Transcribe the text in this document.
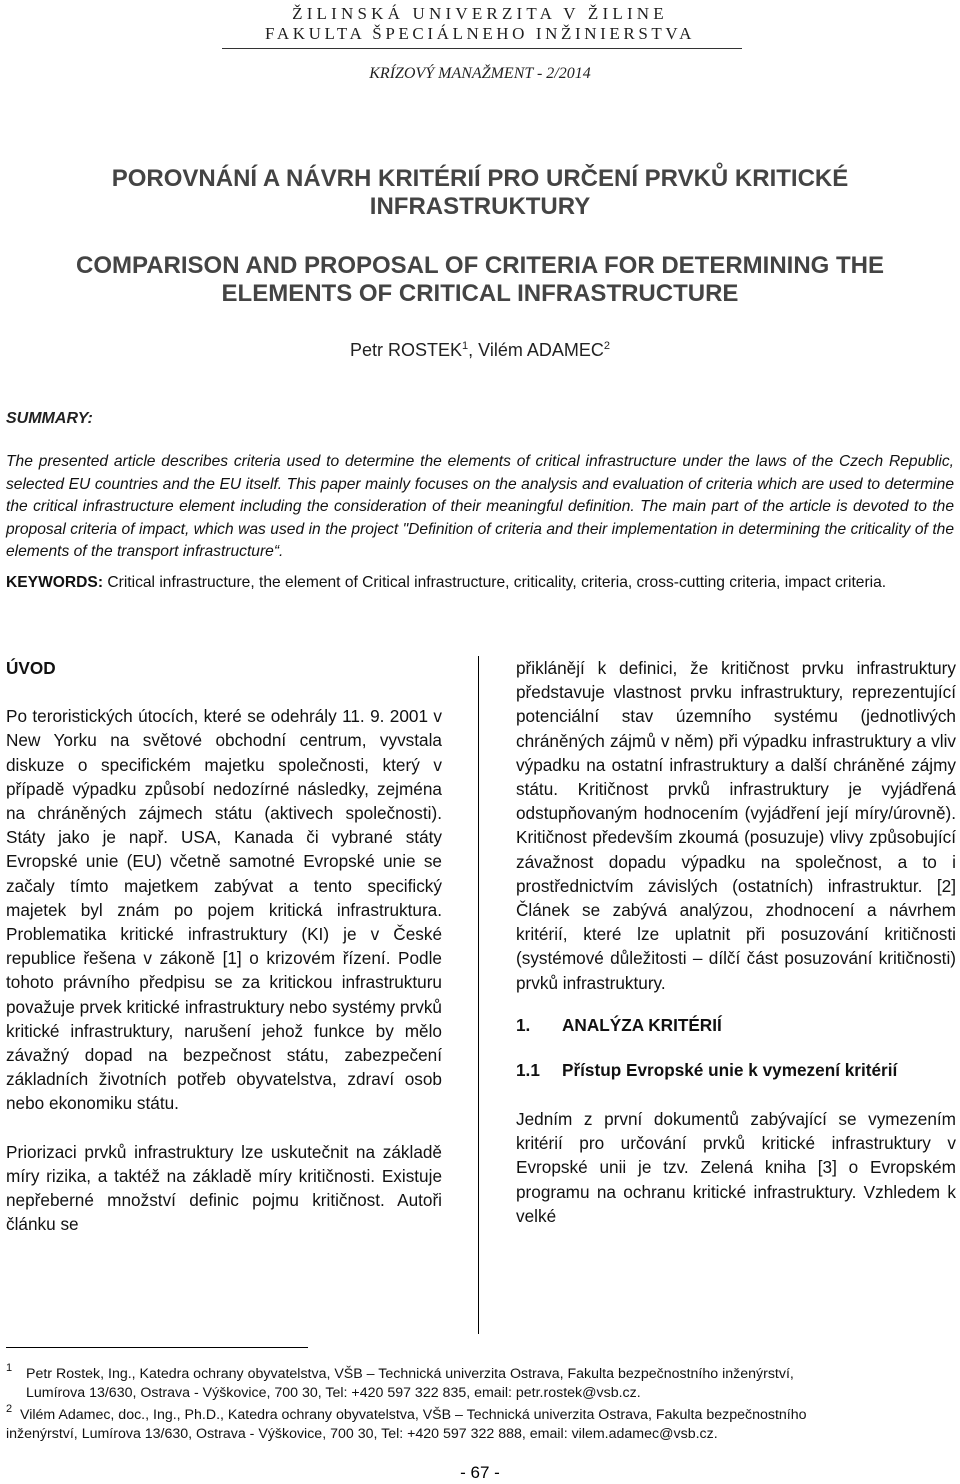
ŽILINSKÁ UNIVERZITA V ŽILINE
FAKULTA ŠPECIÁLNEHO INŽINIERSTVA
KRÍZOVÝ MANAŽMENT - 2/2014
POROVNÁNÍ A NÁVRH KRITÉRIÍ PRO URČENÍ PRVKŮ KRITICKÉ
INFRASTRUKTURY
COMPARISON AND PROPOSAL OF CRITERIA FOR DETERMINING THE
ELEMENTS OF CRITICAL INFRASTRUCTURE
Petr ROSTEK$^1$, Vilém ADAMEC$^2$
SUMMARY:
The presented article describes criteria used to determine the elements of critical infrastructure under the laws of the Czech Republic, selected EU countries and the EU itself. This paper mainly focuses on the analysis and evaluation of criteria which are used to determine the critical infrastructure element including the consideration of their meaningful definition. The main part of the article is devoted to the proposal criteria of impact, which was used in the project "Definition of criteria and their implementation in determining the criticality of the elements of the transport infrastructure“.
KEYWORDS: Critical infrastructure, the element of Critical infrastructure, criticality, criteria, cross-cutting criteria, impact criteria.

ÚVOD

Po teroristických útocích, které se odehrály 11. 9. 2001 v New Yorku na světové obchodní centrum, vyvstala diskuze o specifickém majetku společnosti, který v případě výpadku způsobí nedozírné následky, zejména na chráněných zájmech státu (aktivech společnosti). Státy jako je např. USA, Kanada či vybrané státy Evropské unie (EU) včetně samotné Evropské unie se začaly tímto majetkem zabývat a tento specifický majetek byl znám po pojem kritická infrastruktura. Problematika kritické infrastruktury (KI) je v České republice řešena v zákoně [1] o krizovém řízení. Podle tohoto právního předpisu se za kritickou infrastrukturu považuje prvek kritické infrastruktury nebo systémy prvků kritické infrastruktury, narušení jehož funkce by mělo závažný dopad na bezpečnost státu, zabezpečení základních životních potřeb obyvatelstva, zdraví osob nebo ekonomiku státu.

Priorizaci prvků infrastruktury lze uskutečnit na základě míry rizika, a taktéž na základě míry kritičnosti. Existuje nepřeberné množství definic pojmu kritičnost. Autoři článku se

přiklánějí k definici, že kritičnost prvku infrastruktury představuje vlastnost prvku infrastruktury, reprezentující potenciální stav územního systému (jednotlivých chráněných zájmů v něm) při výpadku infrastruktury a vliv výpadku na ostatní infrastruktury a další chráněné zájmy státu. Kritičnost prvků infrastruktury je vyjádřená odstupňovaným hodnocením (vyjádření její míry/úrovně). Kritičnost především zkoumá (posuzuje) vlivy způsobující závažnost dopadu výpadku na společnost, a to i prostřednictvím závislých (ostatních) infrastruktur. [2] Článek se zabývá analýzou, zhodnocení a návrhem kritérií, které lze uplatnit při posuzování kritičnosti (systémové důležitosti – dílčí část posuzování kritičnosti) prvků infrastruktury.

1.	ANALÝZA KRITÉRIÍ

1.1	Přístup Evropské unie k vymezení kritérií

Jedním z první dokumentů zabývající se vymezením kritérií pro určování prvků kritické infrastruktury v Evropské unii je tzv. Zelená kniha [3] o Evropském programu na ochranu kritické infrastruktury. Vzhledem k velké

1 Petr Rostek, Ing., Katedra ochrany obyvatelstva, VŠB – Technická univerzita Ostrava, Fakulta bezpečnostního inženýrství,
Lumírova 13/630, Ostrava - Výškovice, 700 30, Tel: +420 597 322 835, email: petr.rostek@vsb.cz.
2 Vilém Adamec, doc., Ing., Ph.D., Katedra ochrany obyvatelstva, VŠB – Technická univerzita Ostrava, Fakulta bezpečnostního
inženýrství, Lumírova 13/630, Ostrava - Výškovice, 700 30, Tel: +420 597 322 888, email: vilem.adamec@vsb.cz.
- 67 -
